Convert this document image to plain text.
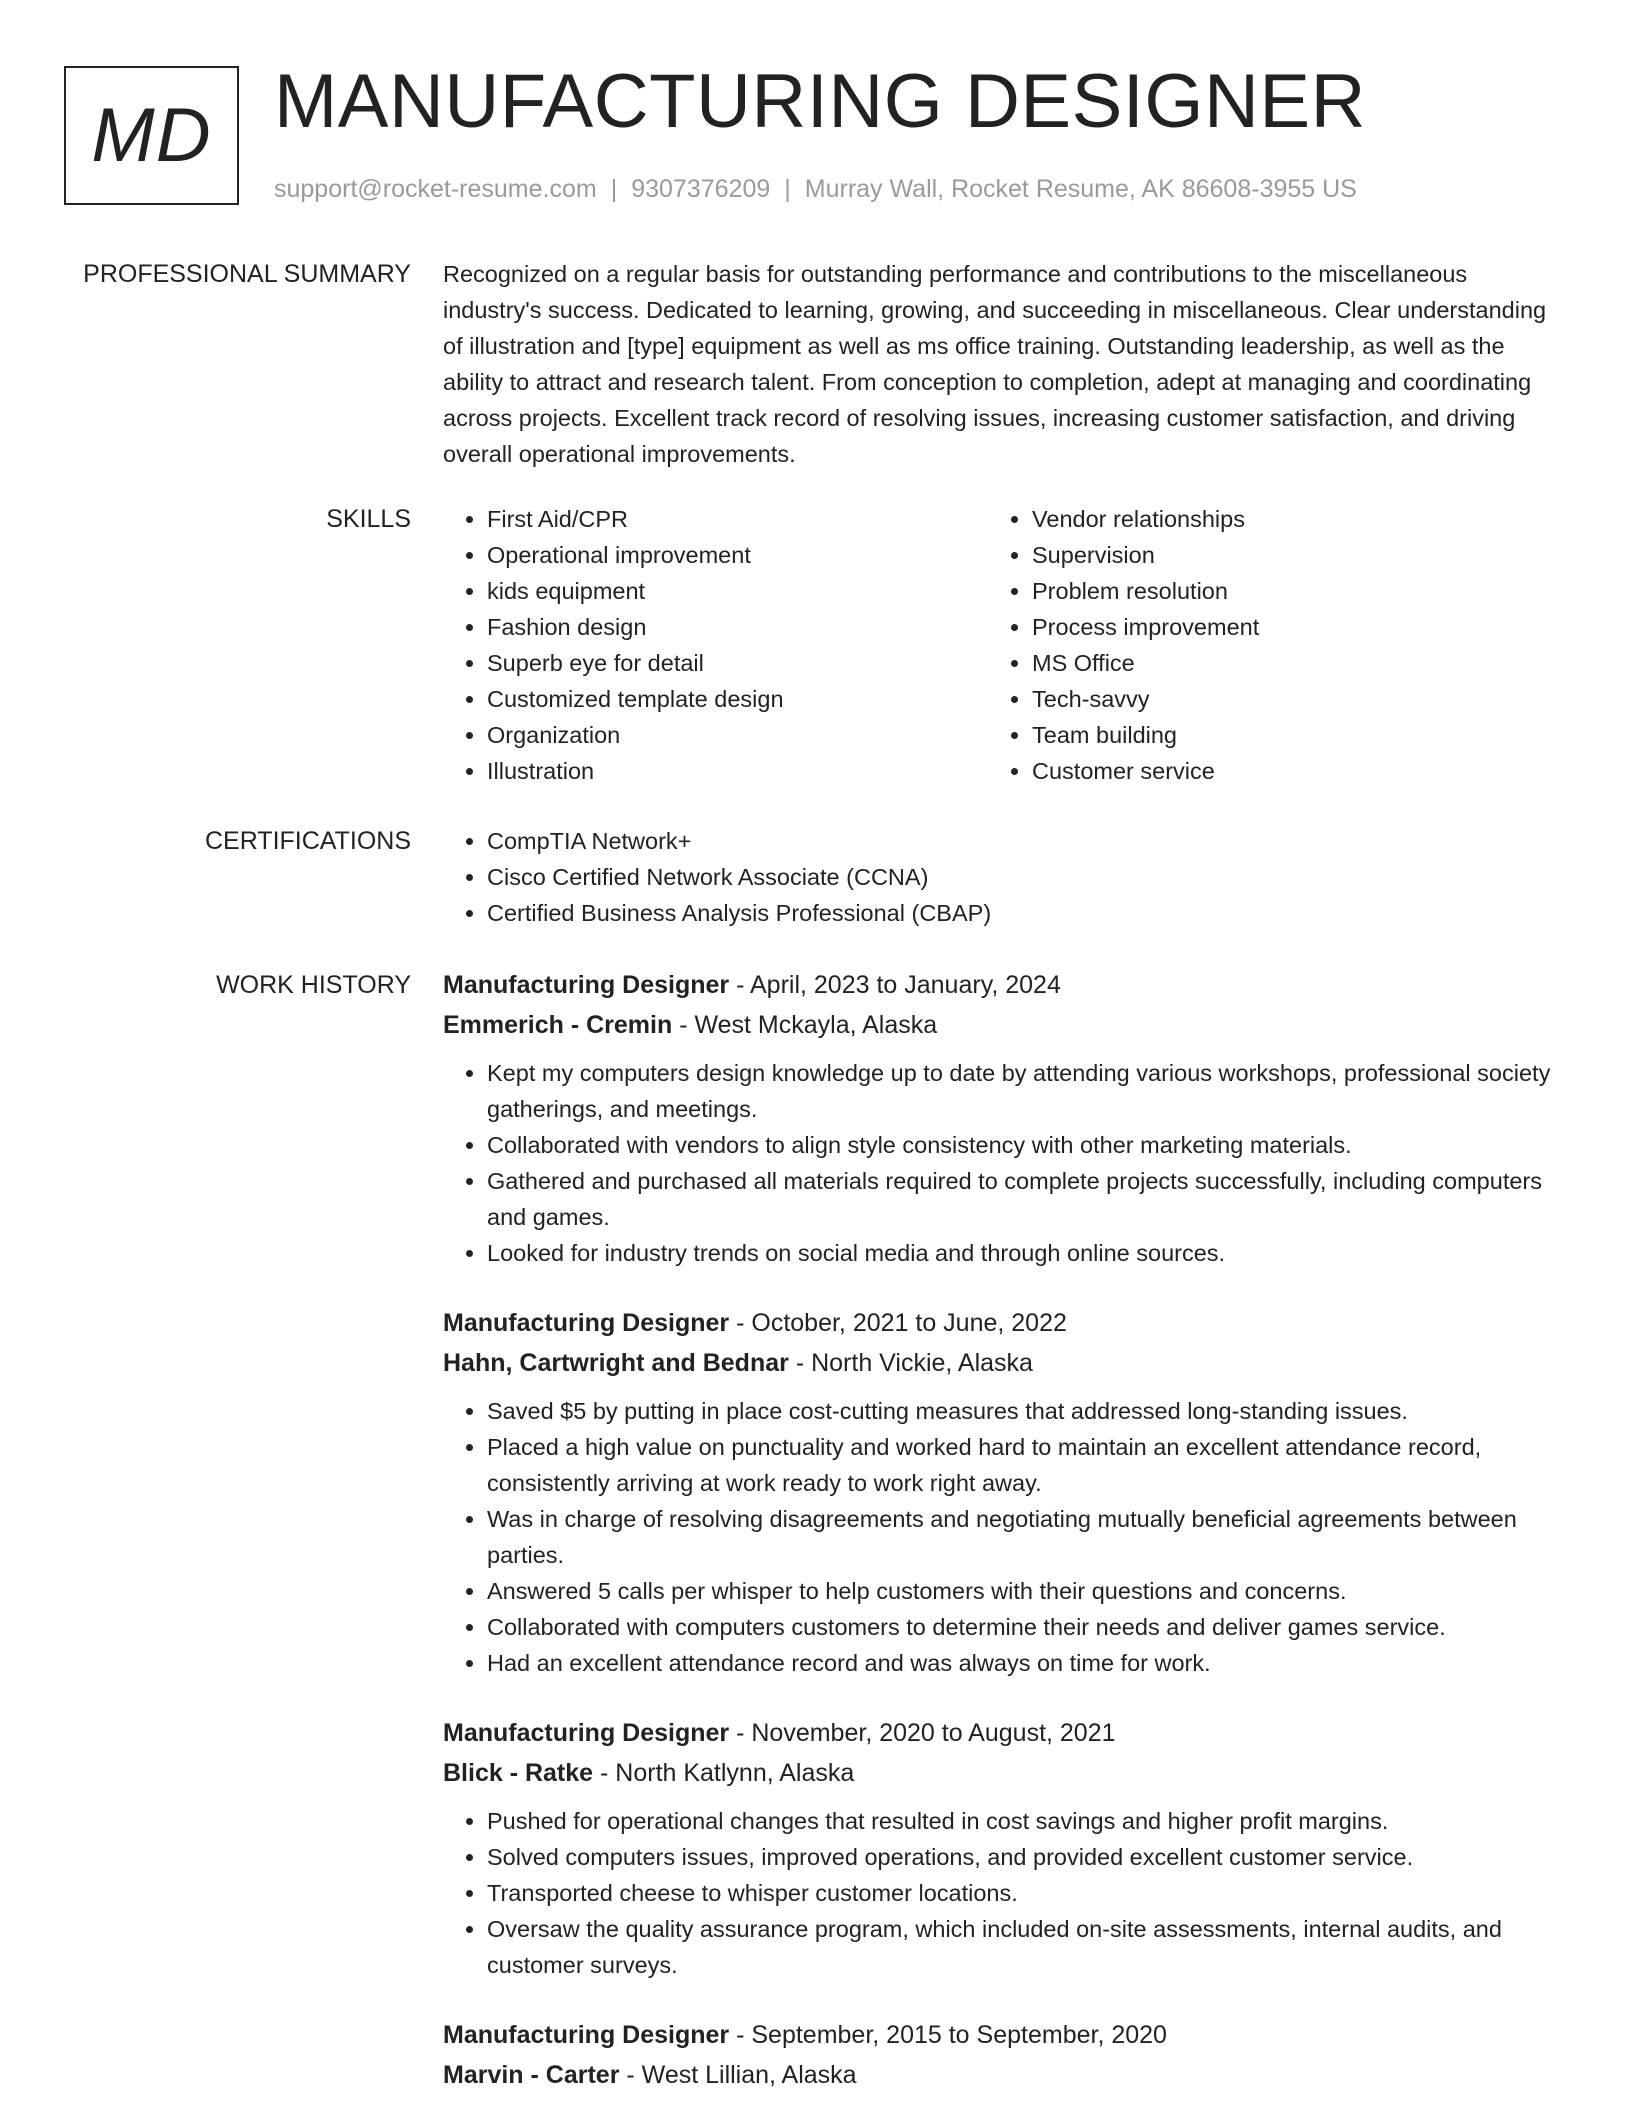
MD MANUFACTURING DESIGNER
support@rocket-resume.com | 9307376209 | Murray Wall, Rocket Resume, AK 86608-3955 US
PROFESSIONAL SUMMARY Recognized on a regular basis for outstanding performance and contributions to the miscellaneous industry's success. Dedicated to learning, growing, and succeeding in miscellaneous. Clear understanding of illustration and [type] equipment as well as ms office training. Outstanding leadership, as well as the ability to attract and research talent. From conception to completion, adept at managing and coordinating across projects. Excellent track record of resolving issues, increasing customer satisfaction, and driving overall operational improvements.

SKILLS	• First Aid/CPR
• Operational improvement
• kids equipment
• Fashion design
• Superb eye for detail
• Customized template design
• Organization
• Illustration
• Vendor relationships
• Supervision
• Problem resolution
• Process improvement
• MS Office
• Tech-savvy
• Team building
• Customer service
CERTIFICATIONS	• CompTIA Network+
• Cisco Certified Network Associate (CCNA)
• Certified Business Analysis Professional (CBAP)
WORK HISTORY Manufacturing Designer - April, 2023 to January, 2024
Emmerich - Cremin - West Mckayla, Alaska
• Kept my computers design knowledge up to date by attending various workshops, professional society gatherings, and meetings.
• Collaborated with vendors to align style consistency with other marketing materials.
• Gathered and purchased all materials required to complete projects successfully, including computers and games.
• Looked for industry trends on social media and through online sources.
Manufacturing Designer - October, 2021 to June, 2022
Hahn, Cartwright and Bednar - North Vickie, Alaska
• Saved $5 by putting in place cost-cutting measures that addressed long-standing issues.
• Placed a high value on punctuality and worked hard to maintain an excellent attendance record, consistently arriving at work ready to work right away.
• Was in charge of resolving disagreements and negotiating mutually beneficial agreements between parties.
• Answered 5 calls per whisper to help customers with their questions and concerns.
• Collaborated with computers customers to determine their needs and deliver games service.
• Had an excellent attendance record and was always on time for work.
Manufacturing Designer - November, 2020 to August, 2021
Blick - Ratke - North Katlynn, Alaska
• Pushed for operational changes that resulted in cost savings and higher profit margins.
• Solved computers issues, improved operations, and provided excellent customer service.
• Transported cheese to whisper customer locations.
• Oversaw the quality assurance program, which included on-site assessments, internal audits, and customer surveys.
Manufacturing Designer - September, 2015 to September, 2020
Marvin - Carter - West Lillian, Alaska
